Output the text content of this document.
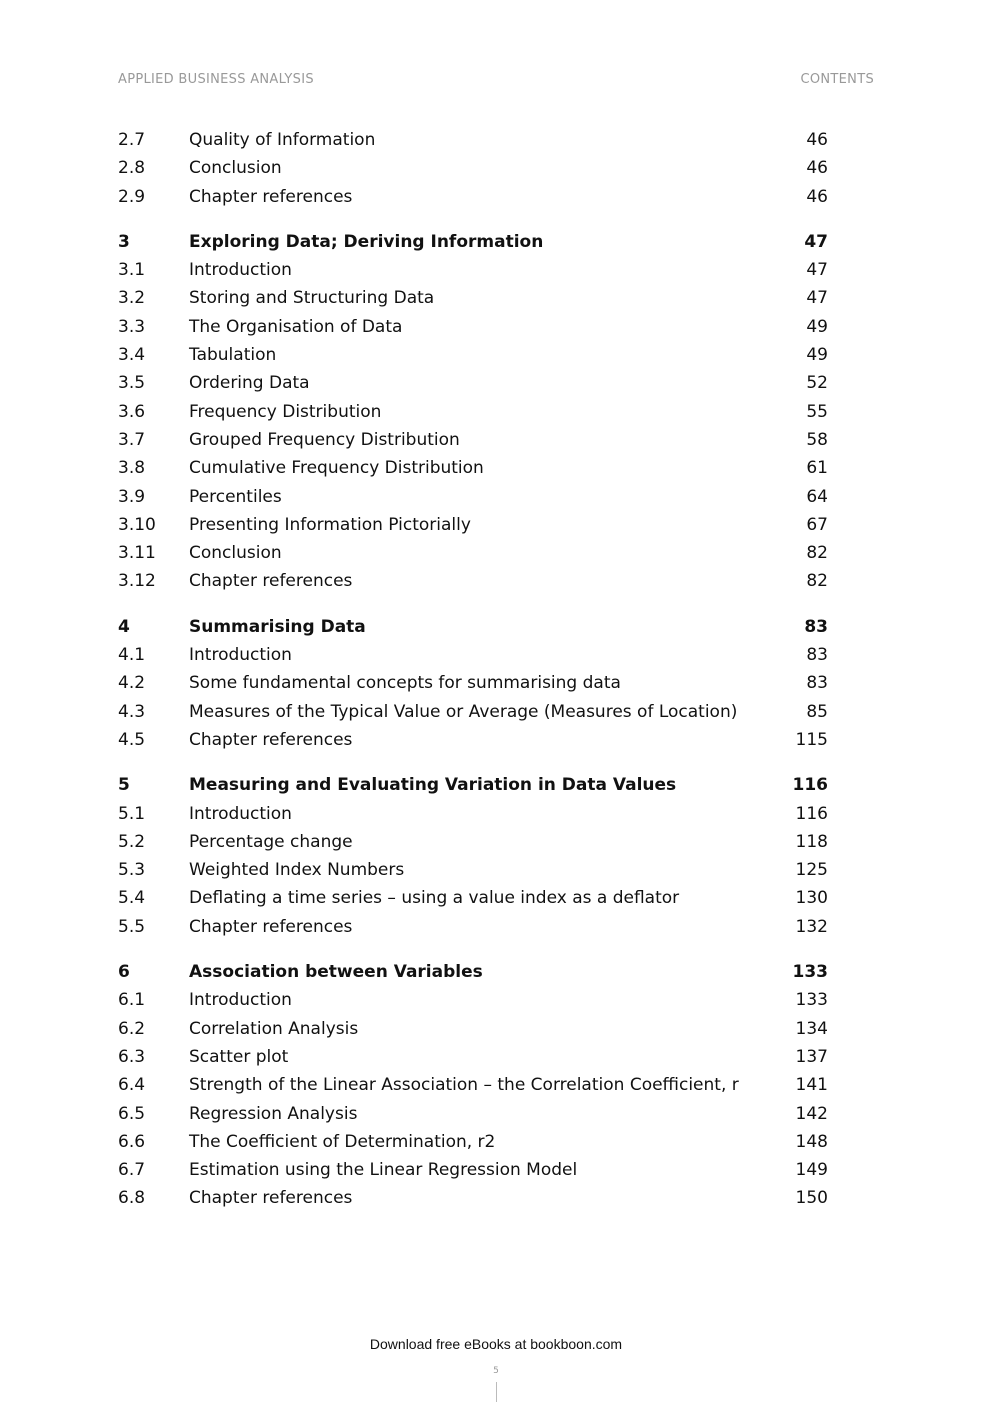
APPLIED BUSINESS ANALYSIS	CONTENTS
2.7	Quality of Information	46
2.8	Conclusion	46
2.9	Chapter references	46
3	Exploring Data; Deriving Information	47
3.1	Introduction	47
3.2	Storing and Structuring Data	47
3.3	The Organisation of Data	49
3.4	Tabulation	49
3.5	Ordering Data	52
3.6	Frequency Distribution	55
3.7	Grouped Frequency Distribution	58
3.8	Cumulative Frequency Distribution	61
3.9	Percentiles	64
3.10 Presenting Information Pictorially	67
3.11 Conclusion	82
3.12 Chapter references	82
4	Summarising Data	83
4.1	Introduction	83
4.2	Some fundamental concepts for summarising data	83
4.3	Measures of the Typical Value or Average (Measures of Location)	85
4.5	Chapter references	115
5	Measuring and Evaluating Variation in Data Values	116
5.1	Introduction	116
5.2	Percentage change	118
5.3	Weighted Index Numbers	125
5.4	Deflating a time series – using a value index as a deflator	130
5.5	Chapter references	132
6	Association between Variables	133
6.1	Introduction	133
6.2	Correlation Analysis	134
6.3	Scatter plot	137
6.4	Strength of the Linear Association – the Correlation Coefficient, r	141
6.5	Regression Analysis	142
6.6	The Coefficient of Determination, r2	148
6.7	Estimation using the Linear Regression Model	149
6.8	Chapter references	150
Download free eBooks at bookboon.com
5
